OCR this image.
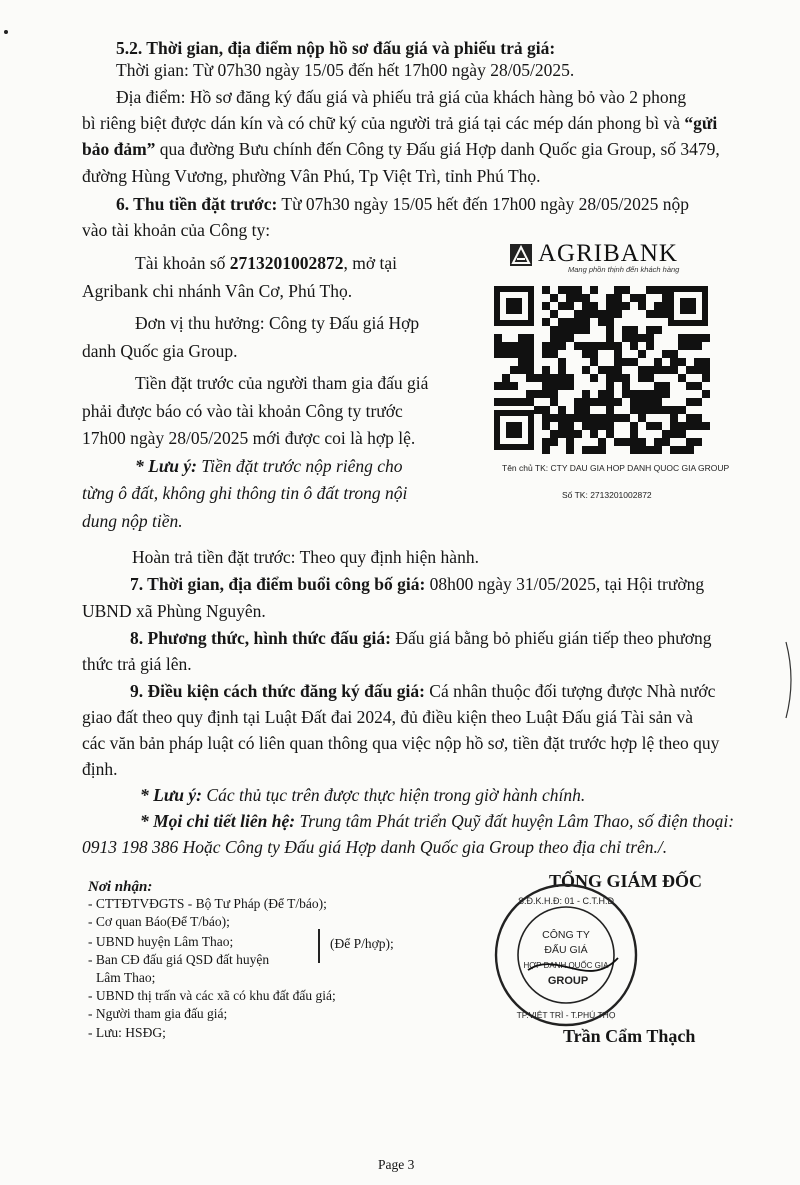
5.2. Thời gian, địa điểm nộp hồ sơ đấu giá và phiếu trả giá:
Thời gian: Từ 07h30 ngày 15/05 đến hết 17h00 ngày 28/05/2025.
Địa điểm: Hồ sơ đăng ký đấu giá và phiếu trả giá của khách hàng bỏ vào 2 phong
bì riêng biệt được dán kín và có chữ ký của người trả giá tại các mép dán phong bì và “gửi
bảo đảm” qua đường Bưu chính đến Công ty Đấu giá Hợp danh Quốc gia Group, số 3479,
đường Hùng Vương, phường Vân Phú, Tp Việt Trì, tỉnh Phú Thọ.
6. Thu tiền đặt trước: Từ 07h30 ngày 15/05 hết đến 17h00 ngày 28/05/2025 nộp
vào tài khoản của Công ty:
Tài khoản số 2713201002872, mở tại
Agribank chi nhánh Vân Cơ, Phú Thọ.
Đơn vị thu hưởng: Công ty Đấu giá Hợp
danh Quốc gia Group.
Tiền đặt trước của người tham gia đấu giá
phải được báo có vào tài khoản Công ty trước
17h00 ngày 28/05/2025 mới được coi là hợp lệ.
* Lưu ý: Tiền đặt trước nộp riêng cho
từng ô đất, không ghi thông tin ô đất trong nội
dung nộp tiền.
Hoàn trả tiền đặt trước: Theo quy định hiện hành.
AGRIBANK
Mang phồn thịnh đến khách hàng
Tên chủ TK: CTY DAU GIA HOP DANH QUOC GIA GROUP
Số TK: 2713201002872
7. Thời gian, địa điểm buổi công bố giá: 08h00 ngày 31/05/2025, tại Hội trường
UBND xã Phùng Nguyên.
8. Phương thức, hình thức đấu giá: Đấu giá bằng bỏ phiếu gián tiếp theo phương
thức trả giá lên.
9. Điều kiện cách thức đăng ký đấu giá: Cá nhân thuộc đối tượng được Nhà nước
giao đất theo quy định tại Luật Đất đai 2024, đủ điều kiện theo Luật Đấu giá Tài sản và
các văn bản pháp luật có liên quan thông qua việc nộp hồ sơ, tiền đặt trước hợp lệ theo quy
định.
* Lưu ý: Các thủ tục trên được thực hiện trong giờ hành chính.
* Mọi chi tiết liên hệ: Trung tâm Phát triển Quỹ đất huyện Lâm Thao, số điện thoại:
0913 198 386 Hoặc Công ty Đấu giá Hợp danh Quốc gia Group theo địa chỉ trên./.
Nơi nhận:
- CTTĐTVĐGTS - Bộ Tư Pháp (Để T/báo);
- Cơ quan Báo(Để T/báo);
- UBND huyện Lâm Thao;
- Ban CĐ đấu giá QSD đất huyện
Lâm Thao;
- UBND thị trấn và các xã có khu đất đấu giá;
- Người tham gia đấu giá;
- Lưu: HSĐG;
(Để P/hợp);
TỔNG GIÁM ĐỐC
CÔNG TY
ĐẤU GIÁ
HỢP DANH QUỐC GIA
GROUP
S.Đ.K.H.Đ: 01 - C.T.H.D
TP.VIỆT TRÌ - T.PHÚ THỌ
Trần Cẩm Thạch
Page 3
